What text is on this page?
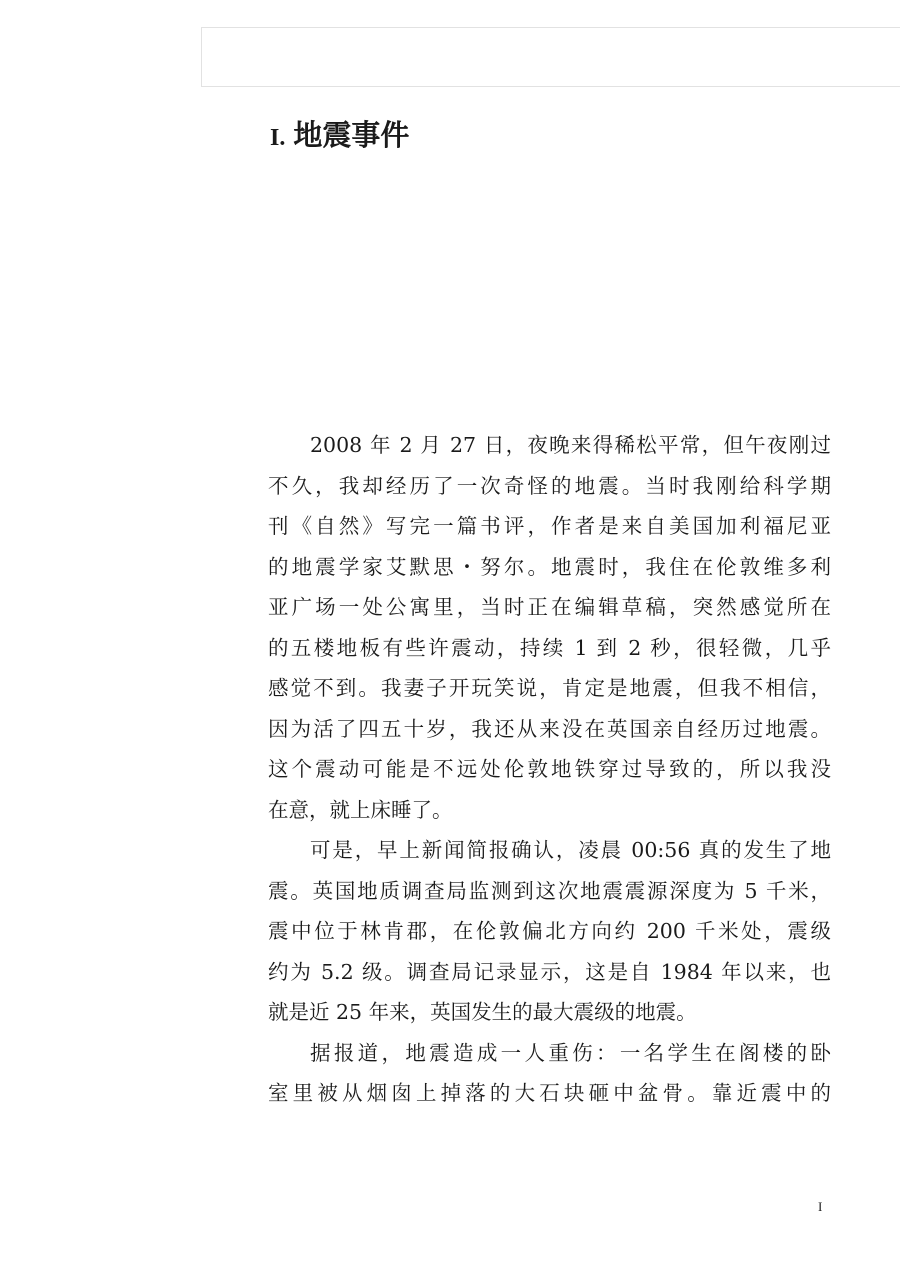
I. 地震事件

2008 年 2 月 27 日，夜晚来得稀松平常，但午夜刚过
不久，我却经历了一次奇怪的地震。当时我刚给科学期
刊《自然》写完一篇书评，作者是来自美国加利福尼亚
的地震学家艾默思・努尔。地震时，我住在伦敦维多利
亚广场一处公寓里，当时正在编辑草稿，突然感觉所在
的五楼地板有些许震动，持续 1 到 2 秒，很轻微，几乎
感觉不到。我妻子开玩笑说，肯定是地震，但我不相信，
因为活了四五十岁，我还从来没在英国亲自经历过地震。
这个震动可能是不远处伦敦地铁穿过导致的，所以我没
在意，就上床睡了。

可是，早上新闻简报确认，凌晨 00:56 真的发生了地
震。英国地质调查局监测到这次地震震源深度为 5 千米，
震中位于林肯郡，在伦敦偏北方向约 200 千米处，震级
约为 5.2 级。调查局记录显示，这是自 1984 年以来，也
就是近 25 年来，英国发生的最大震级的地震。

据报道，地震造成一人重伤：一名学生在阁楼的卧
室里被从烟囱上掉落的大石块砸中盆骨。靠近震中的

I
